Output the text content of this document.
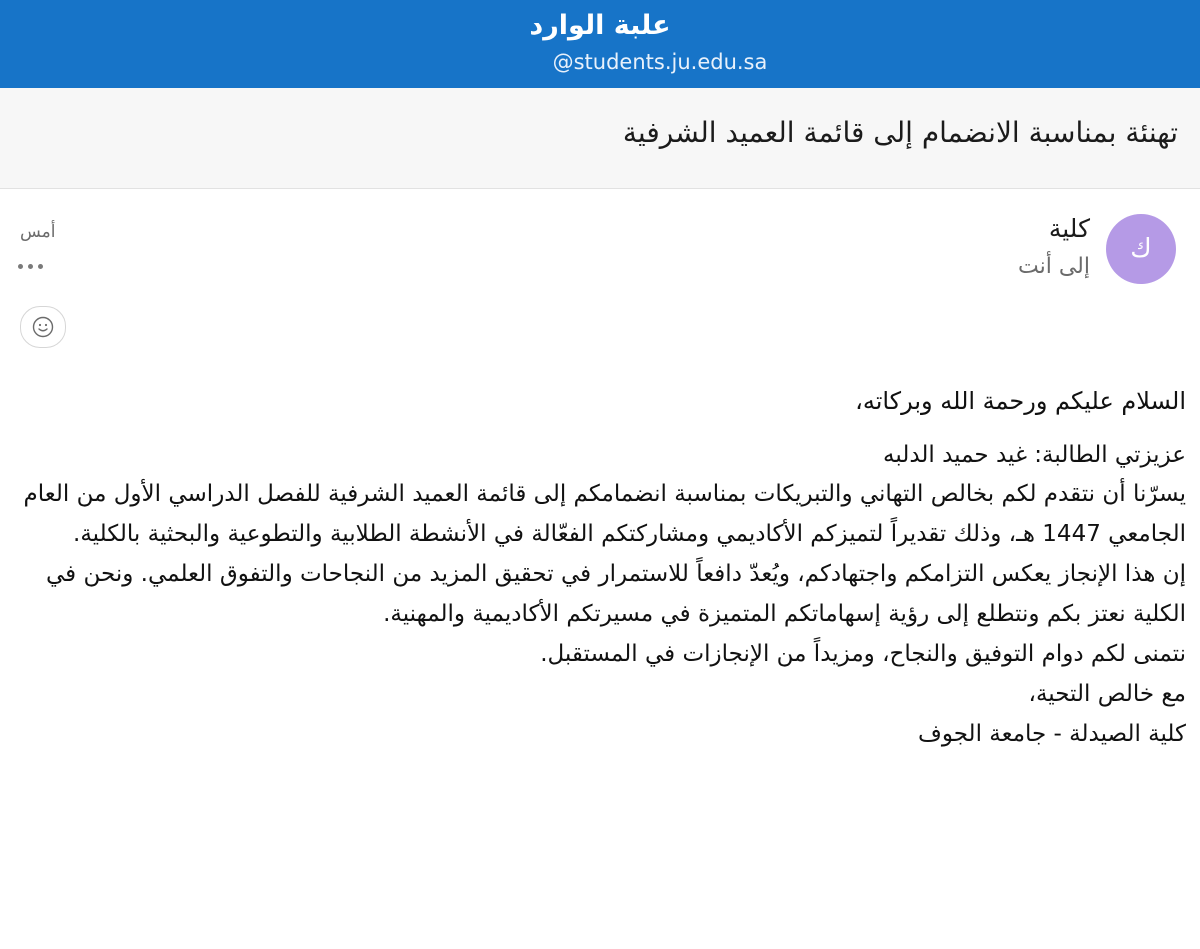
علبة الوارد
@students.ju.edu.sa
تهنئة بمناسبة الانضمام إلى قائمة العميد الشرفية
ك
كلية
إلى أنت
أمس

السلام عليكم ورحمة الله وبركاته،

عزيزتي الطالبة: غيد حميد الدلبه

يسرّنا أن نتقدم لكم بخالص التهاني والتبريكات بمناسبة انضمامكم إلى قائمة العميد الشرفية للفصل الدراسي الأول من العام الجامعي 1447 هـ، وذلك تقديراً لتميزكم الأكاديمي ومشاركتكم الفعّالة في الأنشطة الطلابية والتطوعية والبحثية بالكلية.

إن هذا الإنجاز يعكس التزامكم واجتهادكم، ويُعدّ دافعاً للاستمرار في تحقيق المزيد من النجاحات والتفوق العلمي. ونحن في الكلية نعتز بكم ونتطلع إلى رؤية إسهاماتكم المتميزة في مسيرتكم الأكاديمية والمهنية.

نتمنى لكم دوام التوفيق والنجاح، ومزيداً من الإنجازات في المستقبل.

مع خالص التحية،

كلية الصيدلة - جامعة الجوف
